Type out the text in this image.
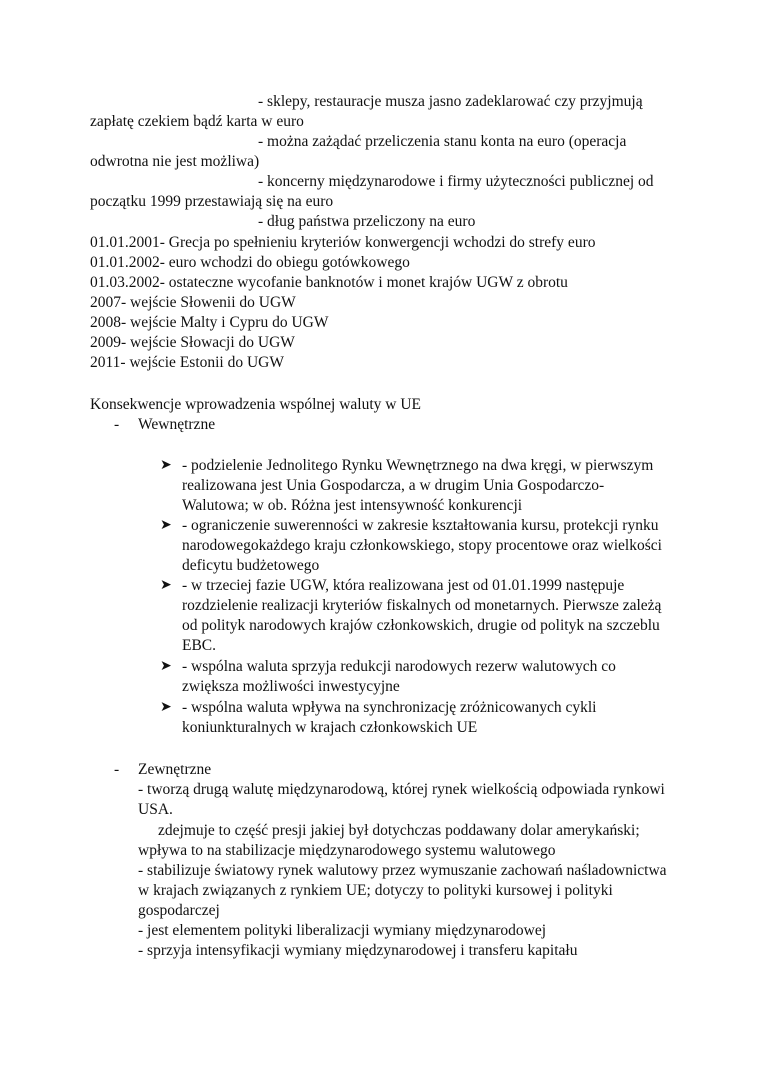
- sklepy, restauracje musza jasno zadeklarować czy przyjmują
zapłatę czekiem bądź karta w euro
- można zażądać przeliczenia stanu konta na euro (operacja
odwrotna nie jest możliwa)
- koncerny międzynarodowe i firmy użyteczności publicznej od
początku 1999 przestawiają się na euro
- dług państwa przeliczony na euro
01.01.2001- Grecja po spełnieniu kryteriów konwergencji wchodzi do strefy euro
01.01.2002- euro wchodzi do obiegu gotówkowego
01.03.2002- ostateczne wycofanie banknotów i monet krajów UGW z obrotu
2007- wejście Słowenii do UGW
2008- wejście Malty i Cypru do UGW
2009- wejście Słowacji do UGW
2011- wejście Estonii do UGW
Konsekwencje wprowadzenia wspólnej waluty w UE
- Wewnętrzne
➤ - podzielenie Jednolitego Rynku Wewnętrznego na dwa kręgi, w pierwszym
realizowana jest Unia Gospodarcza, a w drugim Unia Gospodarczo-
Walutowa; w ob. Różna jest intensywność konkurencji
➤ - ograniczenie suwerenności w zakresie kształtowania kursu, protekcji rynku
narodowegokażdego kraju członkowskiego, stopy procentowe oraz wielkości
deficytu budżetowego
➤ - w trzeciej fazie UGW, która realizowana jest od 01.01.1999 następuje
rozdzielenie realizacji kryteriów fiskalnych od monetarnych. Pierwsze zależą
od polityk narodowych krajów członkowskich, drugie od polityk na szczeblu
EBC.
➤ - wspólna waluta sprzyja redukcji narodowych rezerw walutowych co
zwiększa możliwości inwestycyjne
➤ - wspólna waluta wpływa na synchronizację zróżnicowanych cykli
koniunkturalnych w krajach członkowskich UE
- Zewnętrzne
- tworzą drugą walutę międzynarodową, której rynek wielkością odpowiada rynkowi
USA.
zdejmuje to część presji jakiej był dotychczas poddawany dolar amerykański;
wpływa to na stabilizacje międzynarodowego systemu walutowego
- stabilizuje światowy rynek walutowy przez wymuszanie zachowań naśladownictwa
w krajach związanych z rynkiem UE; dotyczy to polityki kursowej i polityki
gospodarczej
- jest elementem polityki liberalizacji wymiany międzynarodowej
- sprzyja intensyfikacji wymiany międzynarodowej i transferu kapitału
